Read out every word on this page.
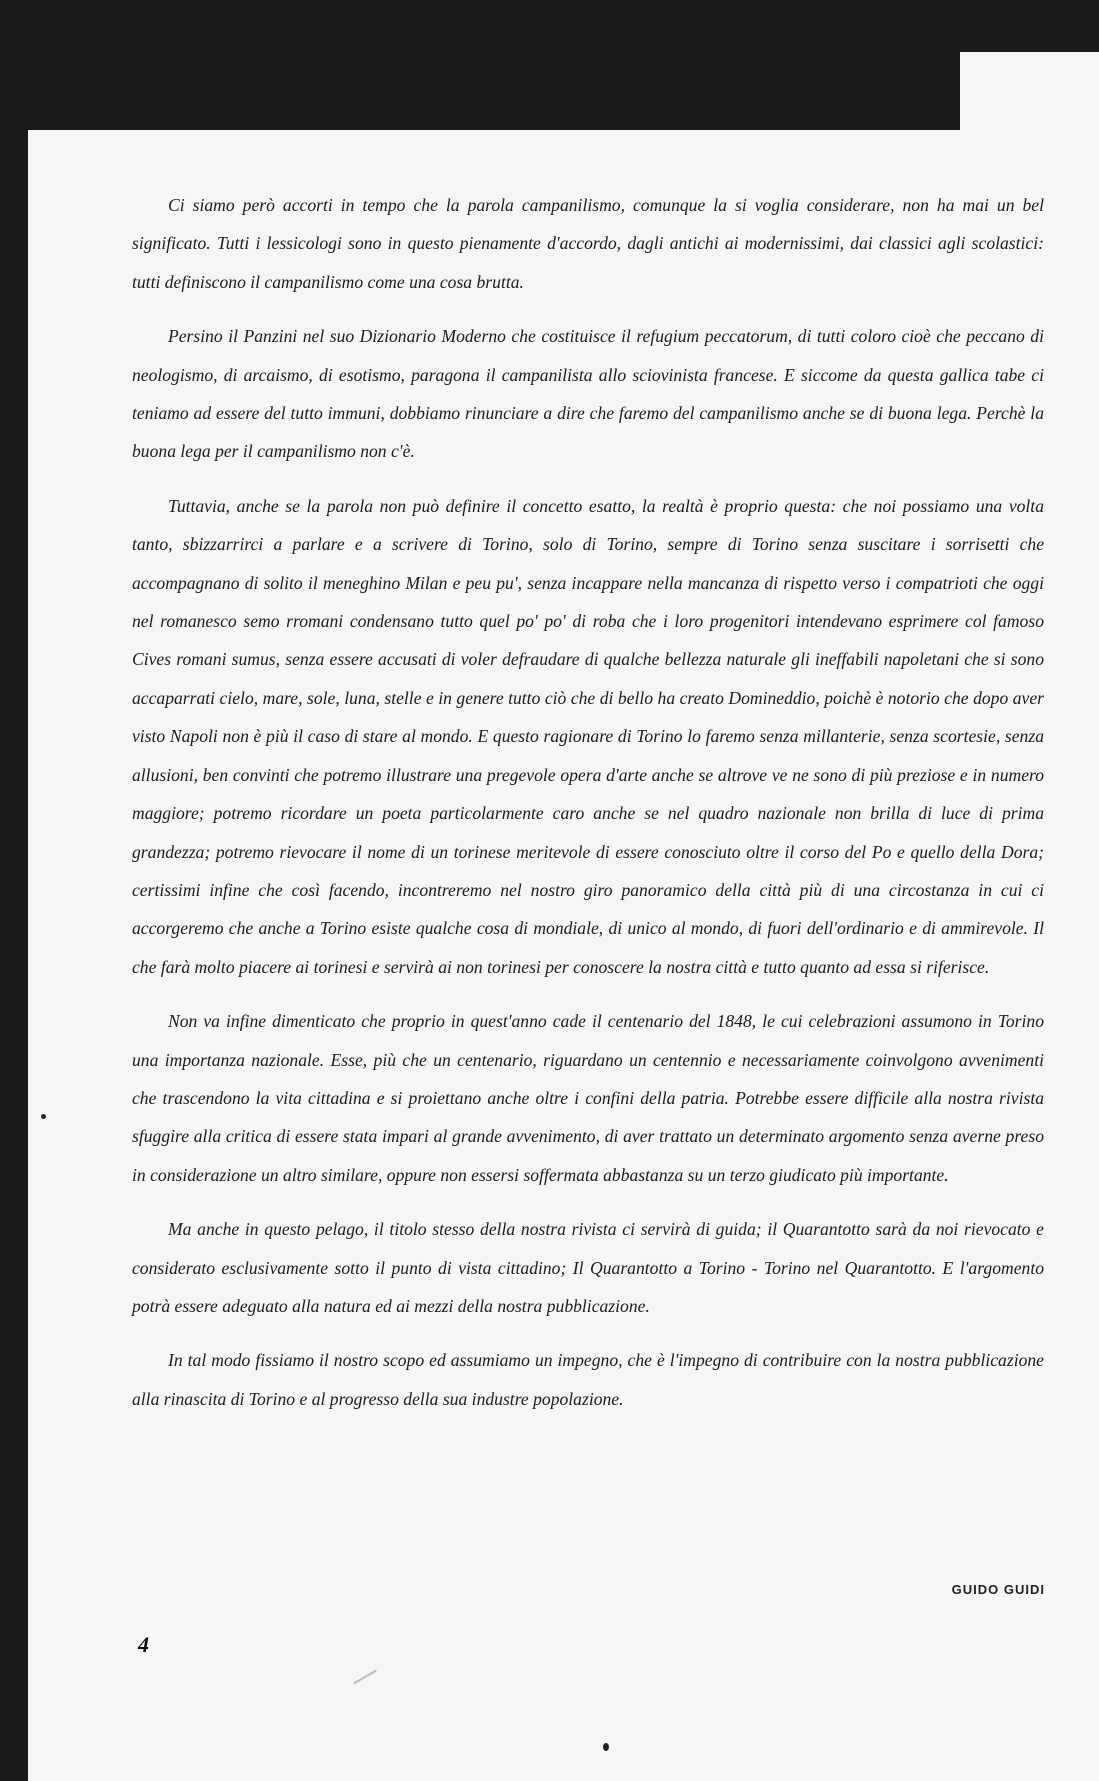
Ci siamo però accorti in tempo che la parola campanilismo, comunque la si voglia considerare, non ha mai un bel significato. Tutti i lessicologi sono in questo pienamente d'accordo, dagli antichi ai modernissimi, dai classici agli scolastici: tutti definiscono il campanilismo come una cosa brutta.

Persino il Panzini nel suo Dizionario Moderno che costituisce il refugium peccatorum, di tutti coloro cioè che peccano di neologismo, di arcaismo, di esotismo, paragona il campanilista allo sciovinista francese. E siccome da questa gallica tabe ci teniamo ad essere del tutto immuni, dobbiamo rinunciare a dire che faremo del campanilismo anche se di buona lega. Perchè la buona lega per il campanilismo non c'è.

Tuttavia, anche se la parola non può definire il concetto esatto, la realtà è proprio questa: che noi possiamo una volta tanto, sbizzarrirci a parlare e a scrivere di Torino, solo di Torino, sempre di Torino senza suscitare i sorrisetti che accompagnano di solito il meneghino Milan e peu pu', senza incappare nella mancanza di rispetto verso i compatrioti che oggi nel romanesco semo rromani condensano tutto quel po' po' di roba che i loro progenitori intendevano esprimere col famoso Cives romani sumus, senza essere accusati di voler defraudare di qualche bellezza naturale gli ineffabili napoletani che si sono accaparrati cielo, mare, sole, luna, stelle e in genere tutto ciò che di bello ha creato Domineddio, poichè è notorio che dopo aver visto Napoli non è più il caso di stare al mondo. E questo ragionare di Torino lo faremo senza millanterie, senza scortesie, senza allusioni, ben convinti che potremo illustrare una pregevole opera d'arte anche se altrove ve ne sono di più preziose e in numero maggiore; potremo ricordare un poeta particolarmente caro anche se nel quadro nazionale non brilla di luce di prima grandezza; potremo rievocare il nome di un torinese meritevole di essere conosciuto oltre il corso del Po e quello della Dora; certissimi infine che così facendo, incontreremo nel nostro giro panoramico della città più di una circostanza in cui ci accorgeremo che anche a Torino esiste qualche cosa di mondiale, di unico al mondo, di fuori dell'ordinario e di ammirevole. Il che farà molto piacere ai torinesi e servirà ai non torinesi per conoscere la nostra città e tutto quanto ad essa si riferisce.

Non va infine dimenticato che proprio in quest'anno cade il centenario del 1848, le cui celebrazioni assumono in Torino una importanza nazionale. Esse, più che un centenario, riguardano un centennio e necessariamente coinvolgono avvenimenti che trascendono la vita cittadina e si proiettano anche oltre i confini della patria. Potrebbe essere difficile alla nostra rivista sfuggire alla critica di essere stata impari al grande avvenimento, di aver trattato un determinato argomento senza averne preso in considerazione un altro similare, oppure non essersi soffermata abbastanza su un terzo giudicato più importante.

Ma anche in questo pelago, il titolo stesso della nostra rivista ci servirà di guida; il Quarantotto sarà da noi rievocato e considerato esclusivamente sotto il punto di vista cittadino; Il Quarantotto a Torino - Torino nel Quarantotto. E l'argomento potrà essere adeguato alla natura ed ai mezzi della nostra pubblicazione.

In tal modo fissiamo il nostro scopo ed assumiamo un impegno, che è l'impegno di contribuire con la nostra pubblicazione alla rinascita di Torino e al progresso della sua industre popolazione.

GUIDO GUIDI
4
